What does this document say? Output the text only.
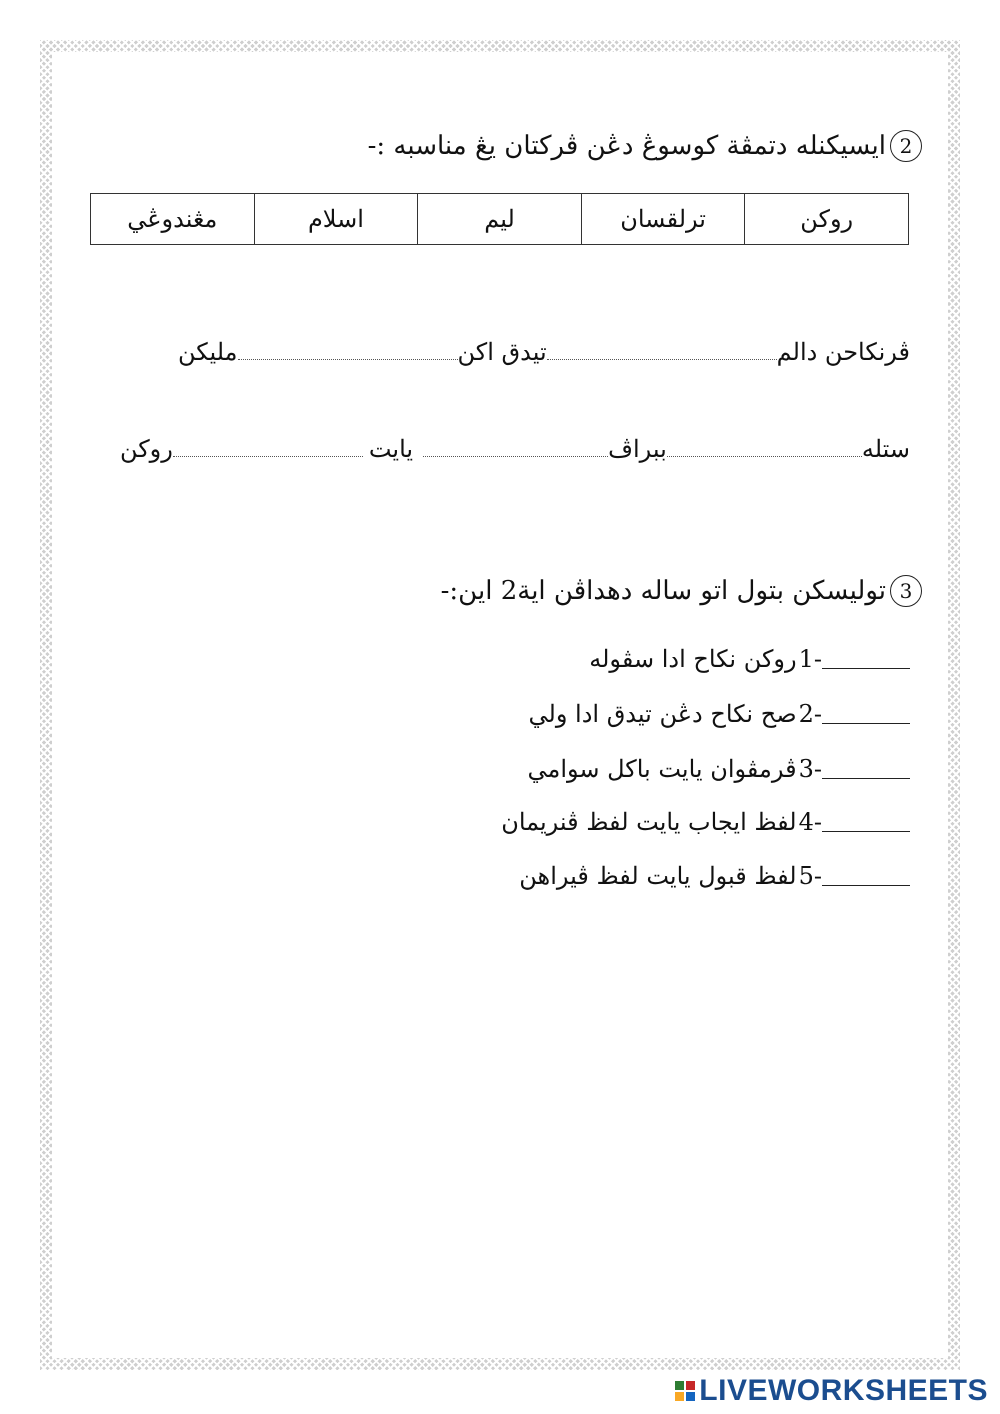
2
ايسيكنله دتمڤة كوسوڠ دڠن ڤركتان يڠ مناسبه :-
روكن	ترلقسان	ليم	اسلام	مڠندوڠي
ڤرنكاحن دالم
تيدق اكن
مليكن
ستله
ببراڤ
يايت
روكن
3
توليسكن بتول اتو ساله دهداڤن اية2 اين:-
1-
روكن نكاح ادا سڤوله
2-
صح نكاح دڠن تيدق ادا ولي
3-
ڤرمڤوان يايت باكل سوامي
4-
لفظ ايجاب يايت لفظ ڤنريمان
5-
لفظ قبول يايت لفظ ڤيراهن
LIVEWORKSHEETS
